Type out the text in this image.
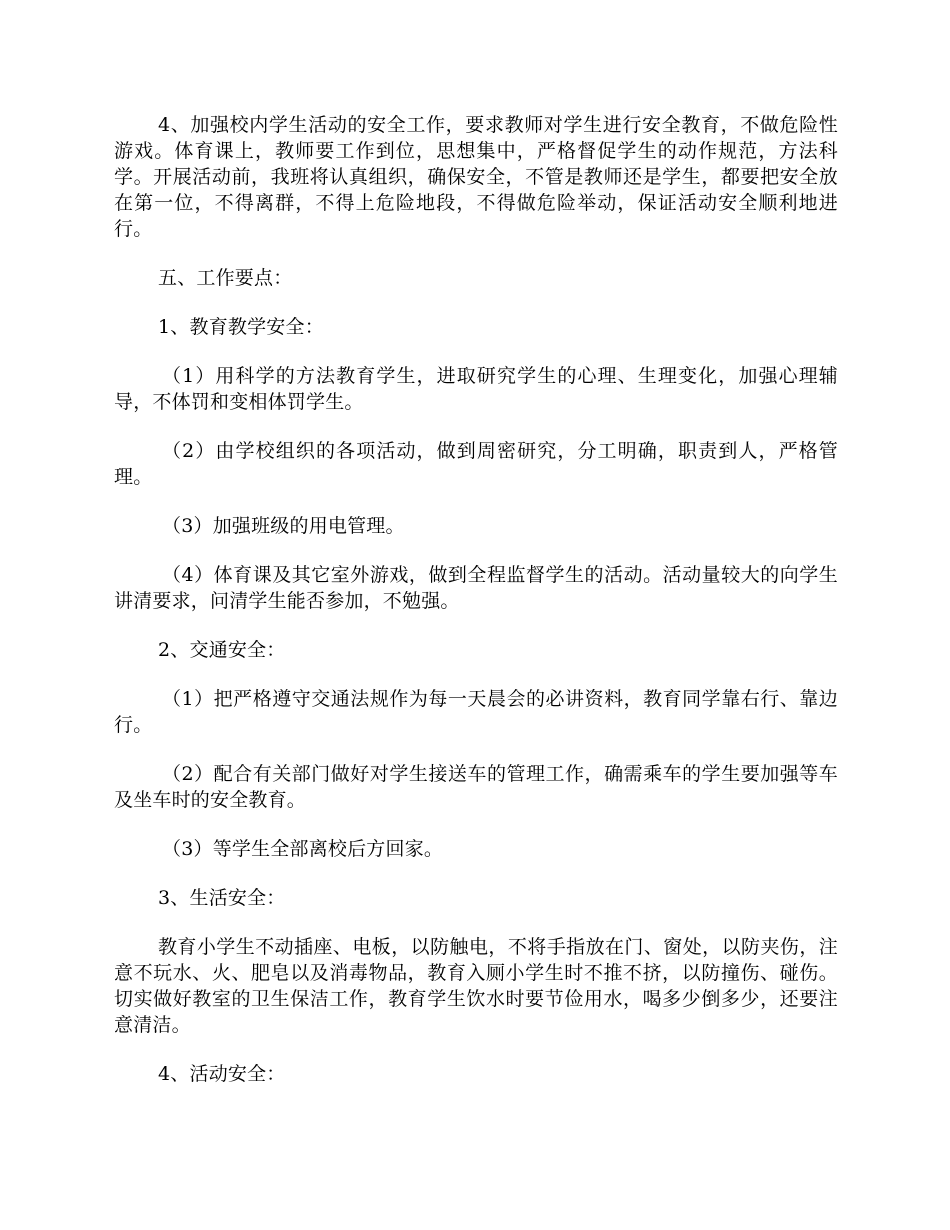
4、加强校内学生活动的安全工作，要求教师对学生进行安全教育，不做危险性游戏。体育课上，教师要工作到位，思想集中，严格督促学生的动作规范，方法科学。开展活动前，我班将认真组织，确保安全，不管是教师还是学生，都要把安全放在第一位，不得离群，不得上危险地段，不得做危险举动，保证活动安全顺利地进行。

五、工作要点：

1、教育教学安全：

（1）用科学的方法教育学生，进取研究学生的心理、生理变化，加强心理辅导，不体罚和变相体罚学生。

（2）由学校组织的各项活动，做到周密研究，分工明确，职责到人，严格管理。

（3）加强班级的用电管理。

（4）体育课及其它室外游戏，做到全程监督学生的活动。活动量较大的向学生讲清要求，问清学生能否参加，不勉强。

2、交通安全：

（1）把严格遵守交通法规作为每一天晨会的必讲资料，教育同学靠右行、靠边行。

（2）配合有关部门做好对学生接送车的管理工作，确需乘车的学生要加强等车及坐车时的安全教育。

（3）等学生全部离校后方回家。

3、生活安全：

教育小学生不动插座、电板，以防触电，不将手指放在门、窗处，以防夹伤，注意不玩水、火、肥皂以及消毒物品，教育入厕小学生时不推不挤，以防撞伤、碰伤。切实做好教室的卫生保洁工作，教育学生饮水时要节俭用水，喝多少倒多少，还要注意清洁。

4、活动安全：
